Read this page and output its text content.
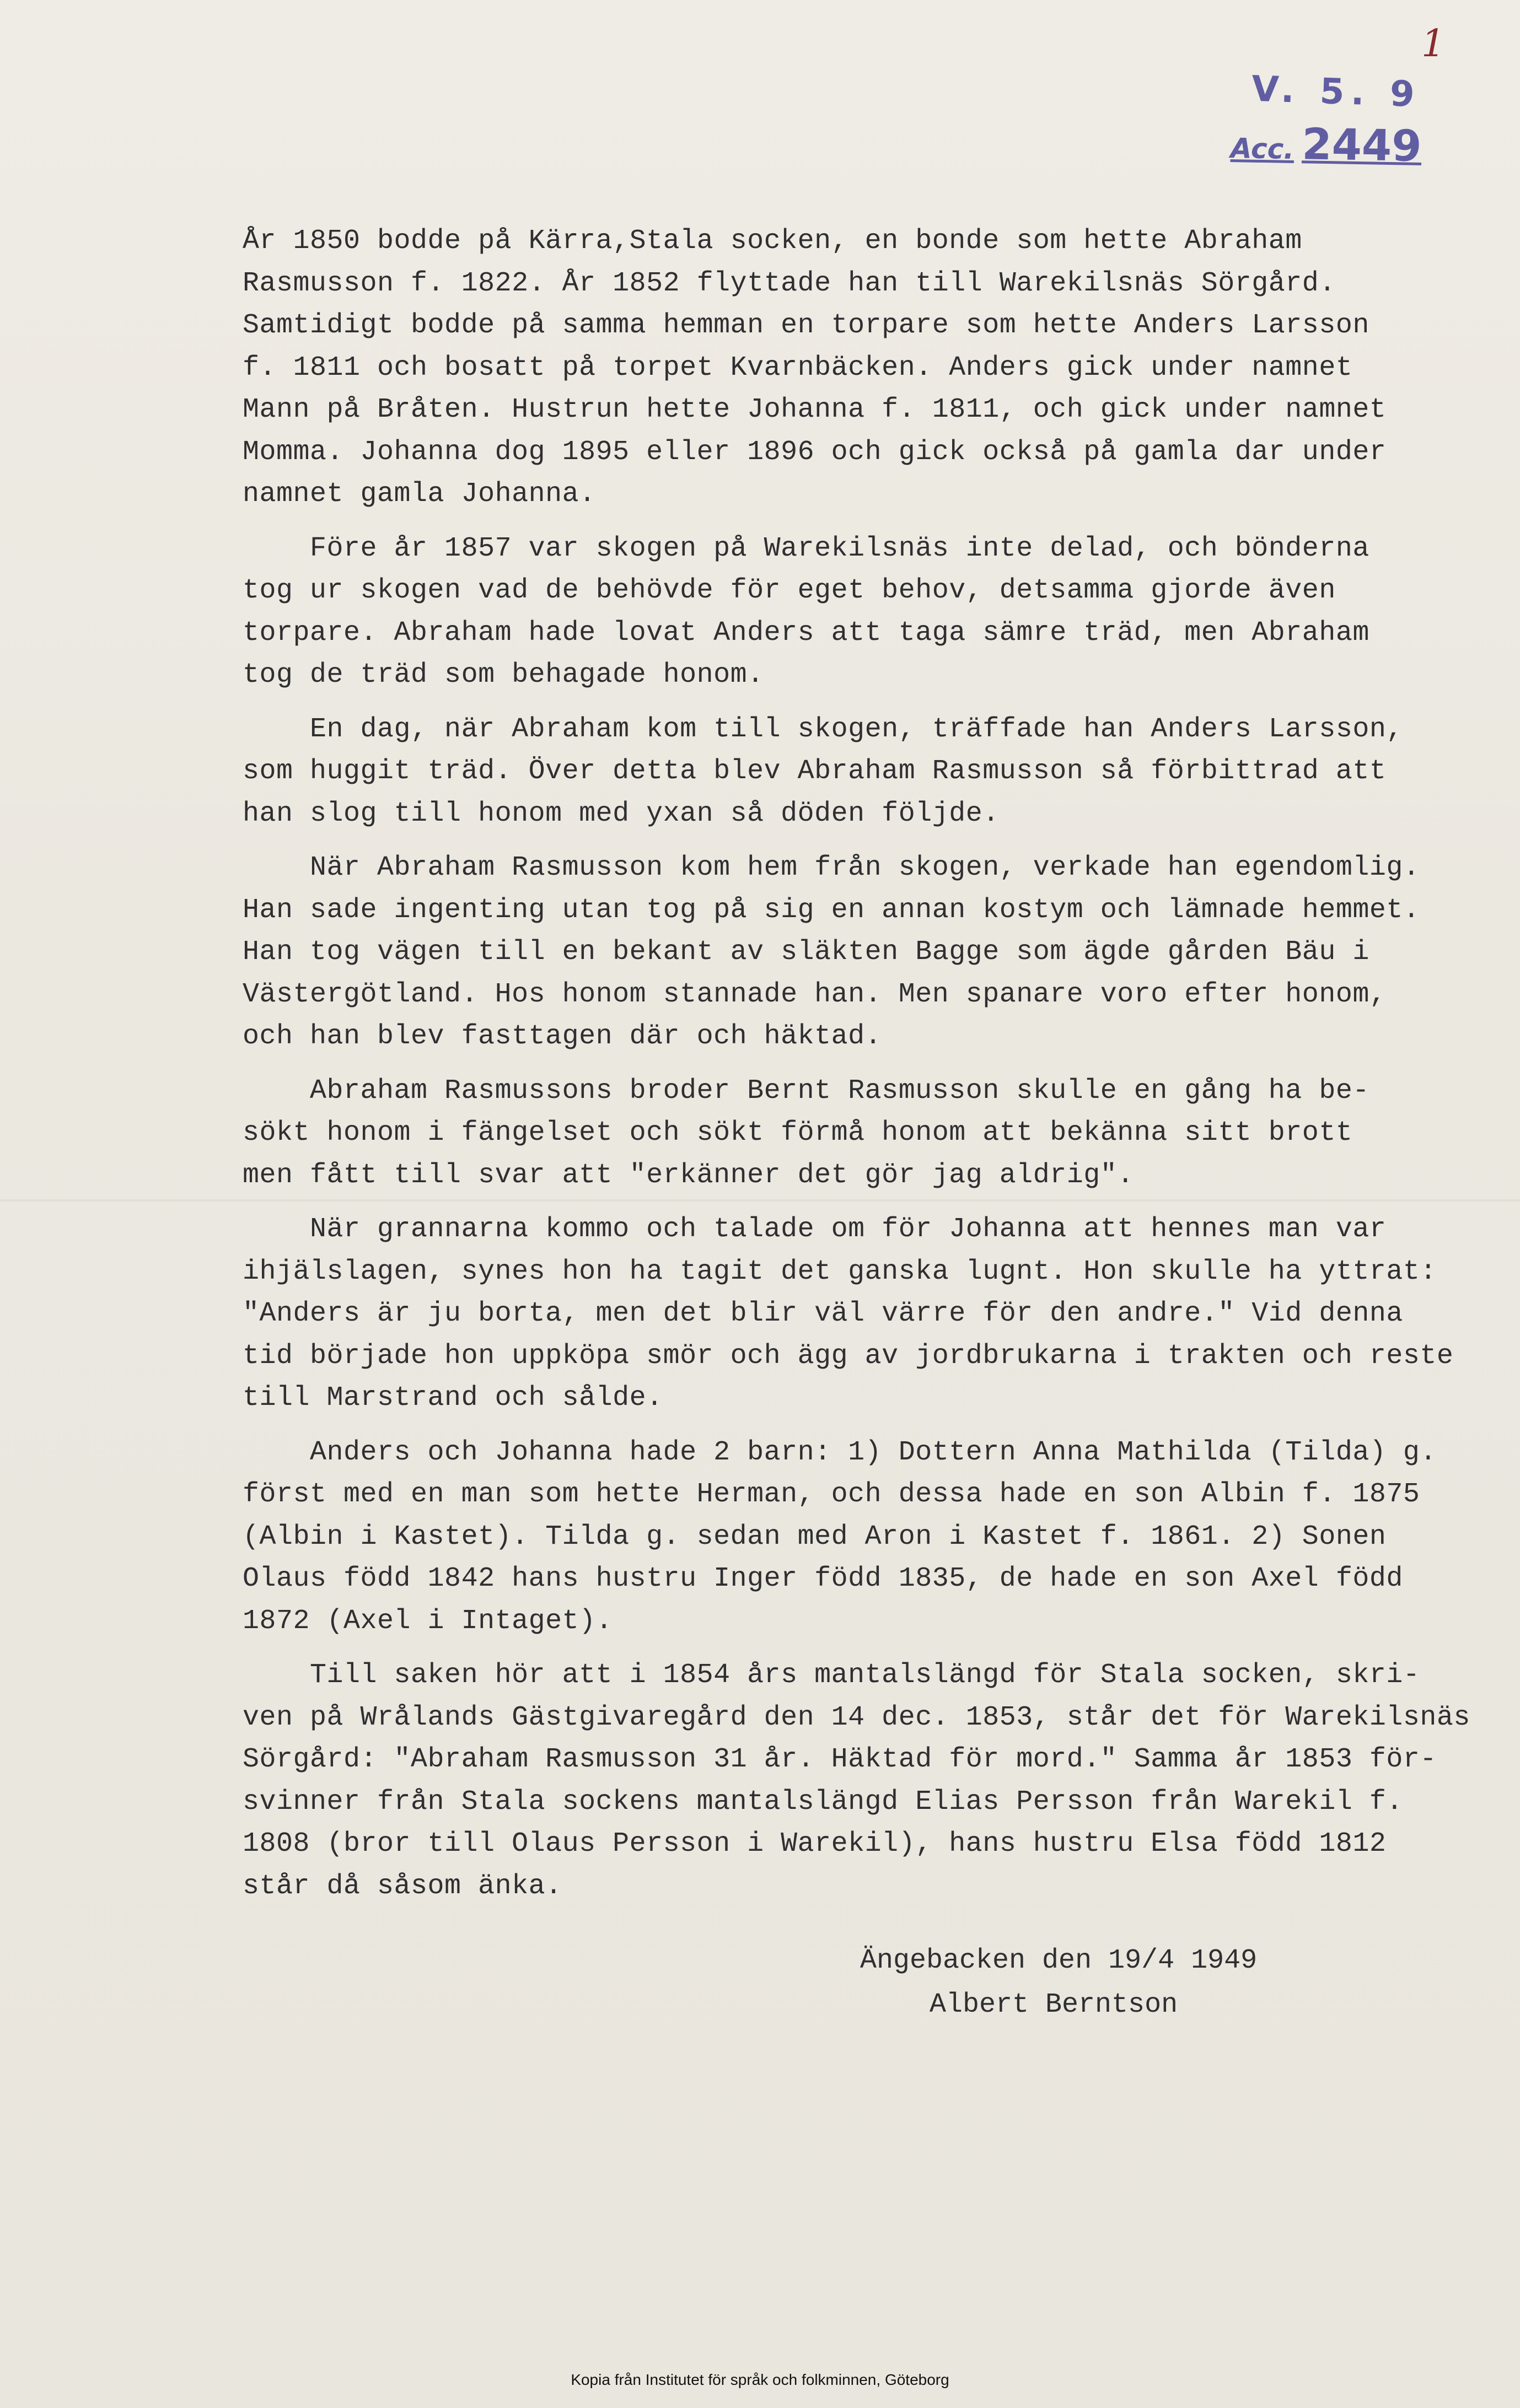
1
V. 5. 9
Acc. 2449
År 1850 bodde på Kärra,Stala socken, en bonde som hette Abraham
Rasmusson f. 1822. År 1852 flyttade han till Warekilsnäs Sörgård.
Samtidigt bodde på samma hemman en torpare som hette Anders Larsson
f. 1811 och bosatt på torpet Kvarnbäcken. Anders gick under namnet
Mann på Bråten. Hustrun hette Johanna f. 1811, och gick under namnet
Momma. Johanna dog 1895 eller 1896 och gick också på gamla dar under
namnet gamla Johanna.
Före år 1857 var skogen på Warekilsnäs inte delad, och bönderna
tog ur skogen vad de behövde för eget behov, detsamma gjorde även
torpare. Abraham hade lovat Anders att taga sämre träd, men Abraham
tog de träd som behagade honom.
En dag, när Abraham kom till skogen, träffade han Anders Larsson,
som huggit träd. Över detta blev Abraham Rasmusson så förbittrad att
han slog till honom med yxan så döden följde.
När Abraham Rasmusson kom hem från skogen, verkade han egendomlig.
Han sade ingenting utan tog på sig en annan kostym och lämnade hemmet.
Han tog vägen till en bekant av släkten Bagge som ägde gården Bäu i
Västergötland. Hos honom stannade han. Men spanare voro efter honom,
och han blev fasttagen där och häktad.
Abraham Rasmussons broder Bernt Rasmusson skulle en gång ha be-
sökt honom i fängelset och sökt förmå honom att bekänna sitt brott
men fått till svar att "erkänner det gör jag aldrig".
När grannarna kommo och talade om för Johanna att hennes man var
ihjälslagen, synes hon ha tagit det ganska lugnt. Hon skulle ha yttrat:
"Anders är ju borta, men det blir väl värre för den andre." Vid denna
tid började hon uppköpa smör och ägg av jordbrukarna i trakten och reste
till Marstrand och sålde.
Anders och Johanna hade 2 barn: 1) Dottern Anna Mathilda (Tilda) g.
först med en man som hette Herman, och dessa hade en son Albin f. 1875
(Albin i Kastet). Tilda g. sedan med Aron i Kastet f. 1861. 2) Sonen
Olaus född 1842 hans hustru Inger född 1835, de hade en son Axel född
1872 (Axel i Intaget).
Till saken hör att i 1854 års mantalslängd för Stala socken, skri-
ven på Wrålands Gästgivaregård den 14 dec. 1853, står det för Warekilsnäs
Sörgård: "Abraham Rasmusson 31 år. Häktad för mord." Samma år 1853 för-
svinner från Stala sockens mantalslängd Elias Persson från Warekil f.
1808 (bror till Olaus Persson i Warekil), hans hustru Elsa född 1812
står då såsom änka.
Ängebacken den 19/4 1949
Albert Berntson
Kopia från Institutet för språk och folkminnen, Göteborg
